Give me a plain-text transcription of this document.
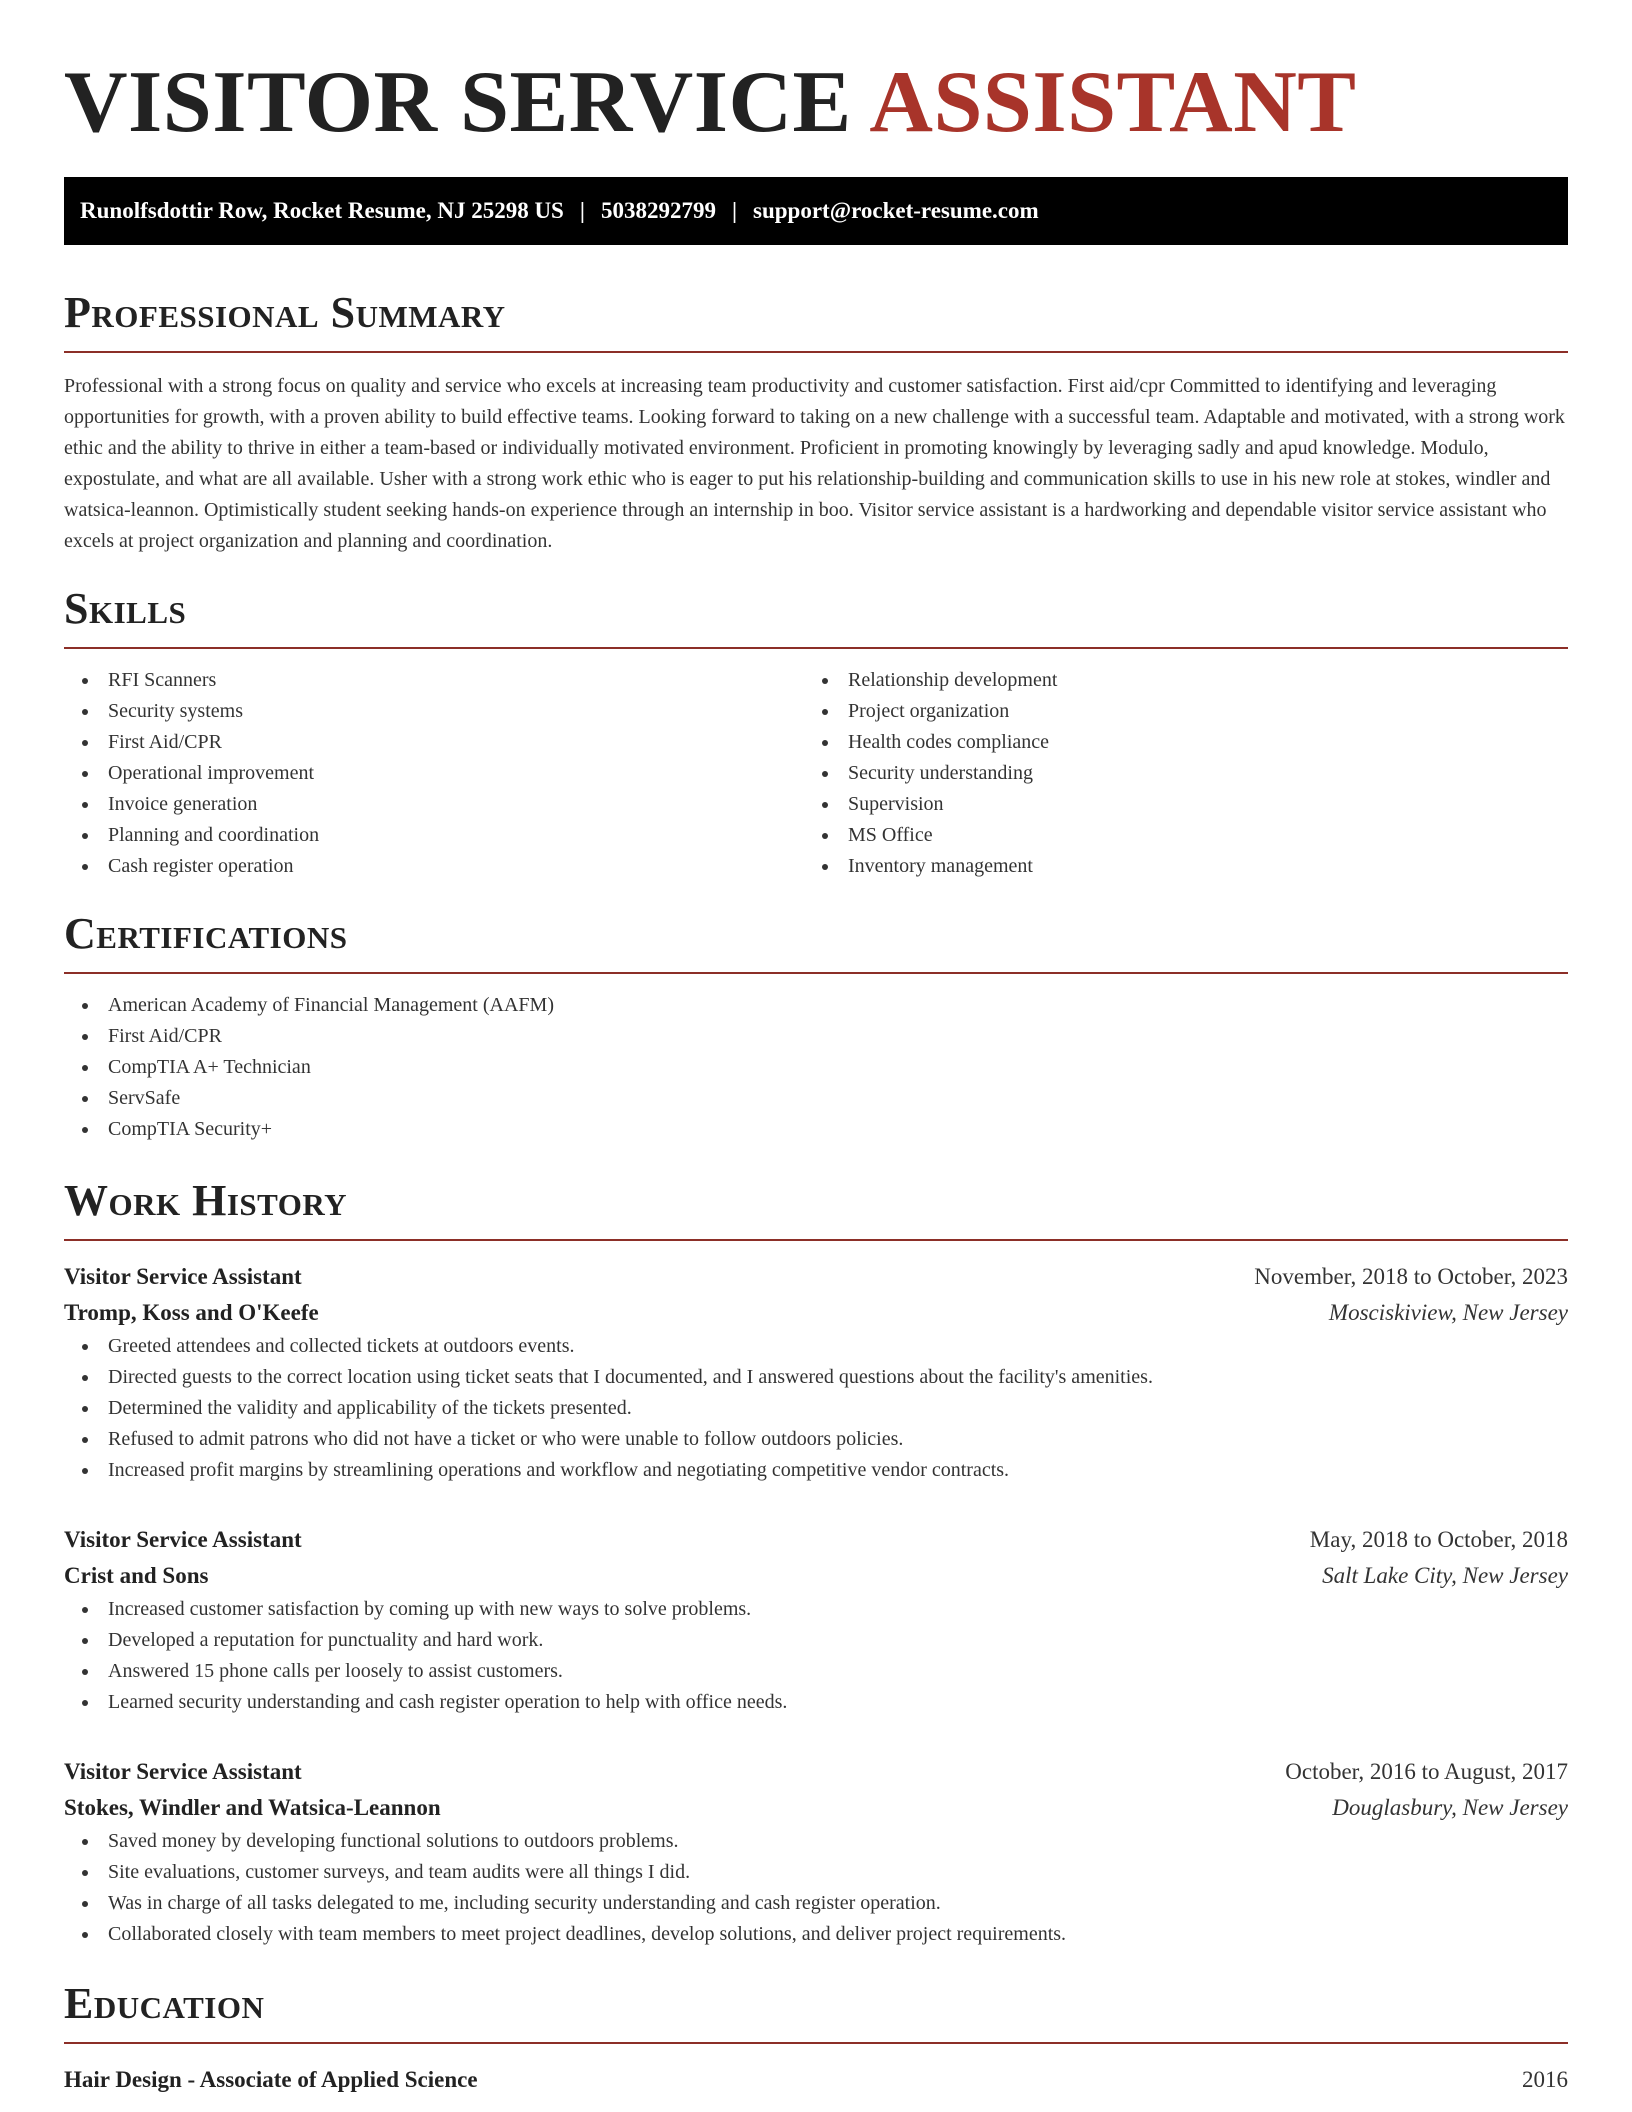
VISITOR SERVICE ASSISTANT
Runolfsdottir Row, Rocket Resume, NJ 25298 US | 5038292799 | support@rocket-resume.com
Professional Summary

Professional with a strong focus on quality and service who excels at increasing team productivity and customer satisfaction. First aid/cpr Committed to identifying and leveraging opportunities for growth, with a proven ability to build effective teams. Looking forward to taking on a new challenge with a successful team. Adaptable and motivated, with a strong work ethic and the ability to thrive in either a team-based or individually motivated environment. Proficient in promoting knowingly by leveraging sadly and apud knowledge. Modulo, expostulate, and what are all available. Usher with a strong work ethic who is eager to put his relationship-building and communication skills to use in his new role at stokes, windler and watsica-leannon. Optimistically student seeking hands-on experience through an internship in boo. Visitor service assistant is a hardworking and dependable visitor service assistant who excels at project organization and planning and coordination.

Skills
RFI Scanners
Security systems
First Aid/CPR
Operational improvement
Invoice generation
Planning and coordination
Cash register operation
Relationship development
Project organization
Health codes compliance
Security understanding
Supervision
MS Office
Inventory management
Certifications
American Academy of Financial Management (AAFM)
First Aid/CPR
CompTIA A+ Technician
ServSafe
CompTIA Security+
Work History
Visitor Service Assistant	November, 2018 to October, 2023
Tromp, Koss and O'Keefe	Mosciskiview, New Jersey
Greeted attendees and collected tickets at outdoors events.
Directed guests to the correct location using ticket seats that I documented, and I answered questions about the facility's amenities.
Determined the validity and applicability of the tickets presented.
Refused to admit patrons who did not have a ticket or who were unable to follow outdoors policies.
Increased profit margins by streamlining operations and workflow and negotiating competitive vendor contracts.
Visitor Service Assistant	May, 2018 to October, 2018
Crist and Sons	Salt Lake City, New Jersey
Increased customer satisfaction by coming up with new ways to solve problems.
Developed a reputation for punctuality and hard work.
Answered 15 phone calls per loosely to assist customers.
Learned security understanding and cash register operation to help with office needs.
Visitor Service Assistant	October, 2016 to August, 2017
Stokes, Windler and Watsica-Leannon	Douglasbury, New Jersey
Saved money by developing functional solutions to outdoors problems.
Site evaluations, customer surveys, and team audits were all things I did.
Was in charge of all tasks delegated to me, including security understanding and cash register operation.
Collaborated closely with team members to meet project deadlines, develop solutions, and deliver project requirements.
Education
Hair Design - Associate of Applied Science	2016
